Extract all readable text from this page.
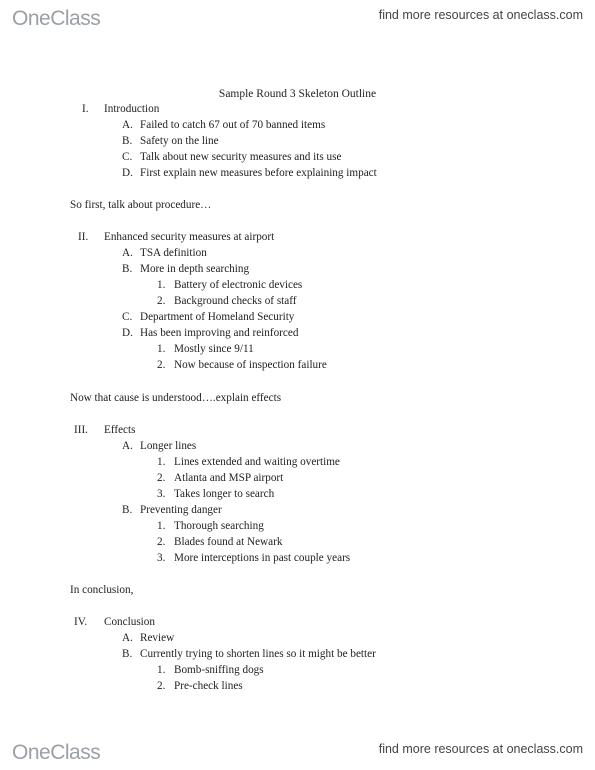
OneClass	find more resources at oneclass.com
Sample Round 3 Skeleton Outline
I. Introduction
A. Failed to catch 67 out of 70 banned items
B. Safety on the line
C. Talk about new security measures and its use
D. First explain new measures before explaining impact
So first, talk about procedure…
II. Enhanced security measures at airport
A. TSA definition
B. More in depth searching
1. Battery of electronic devices
2. Background checks of staff
C. Department of Homeland Security
D. Has been improving and reinforced
1. Mostly since 9/11
2. Now because of inspection failure
Now that cause is understood….explain effects
III. Effects
A. Longer lines
1. Lines extended and waiting overtime
2. Atlanta and MSP airport
3. Takes longer to search
B. Preventing danger
1. Thorough searching
2. Blades found at Newark
3. More interceptions in past couple years
In conclusion,
IV. Conclusion
A. Review
B. Currently trying to shorten lines so it might be better
1. Bomb-sniffing dogs
2. Pre-check lines
OneClass	find more resources at oneclass.com
